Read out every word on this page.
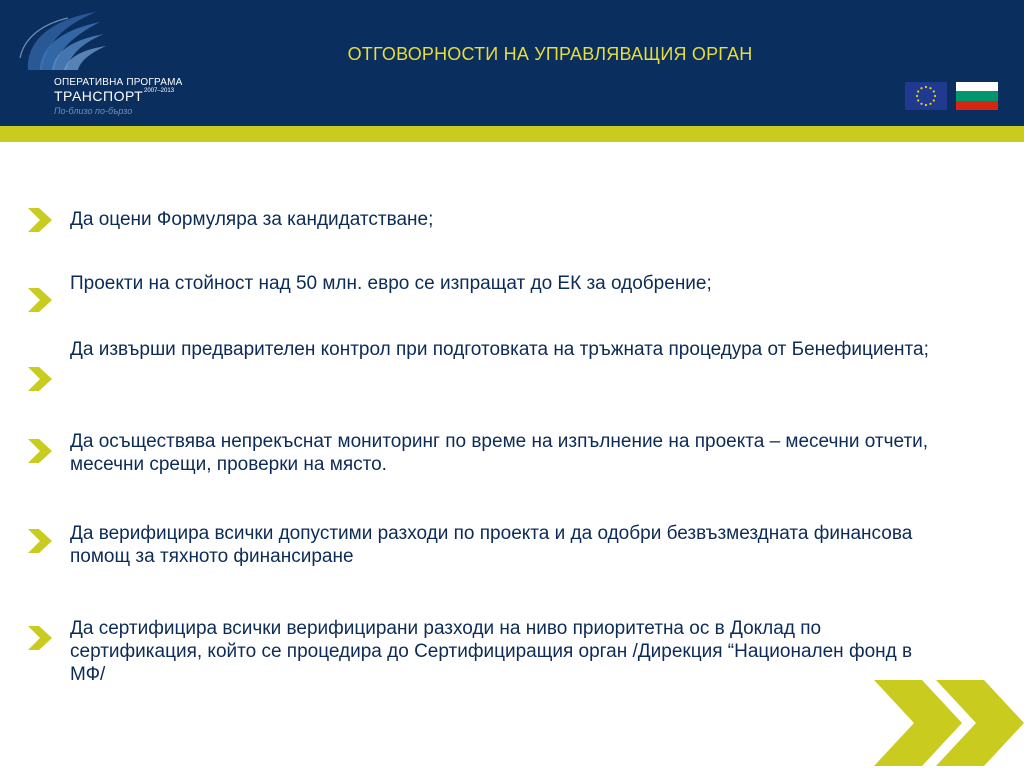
ОПЕРАТИВНА ПРОГРАМА
ТРАНСПОРТ 2007–2013
По-близо по-бързо
ОТГОВОРНОСТИ НА УПРАВЛЯВАЩИЯ ОРГАН
Да оцени Формуляра за кандидатстване;
Проекти на стойност над 50 млн. евро се изпращат до ЕК за одобрение;
Да извърши предварителен контрол при подготовката на тръжната процедура от Бенефициента;
Да осъществява непрекъснат мониторинг по време на изпълнение на проекта – месечни отчети, месечни срещи, проверки на място.
Да верифицира всички допустими разходи по проекта и да одобри безвъзмездната финансова помощ за тяхното финансиране
Да сертифицира всички верифицирани разходи на ниво приоритетна ос в Доклад по сертификация, който се процедира до Сертифициращия орган /Дирекция “Национален фонд в МФ/
